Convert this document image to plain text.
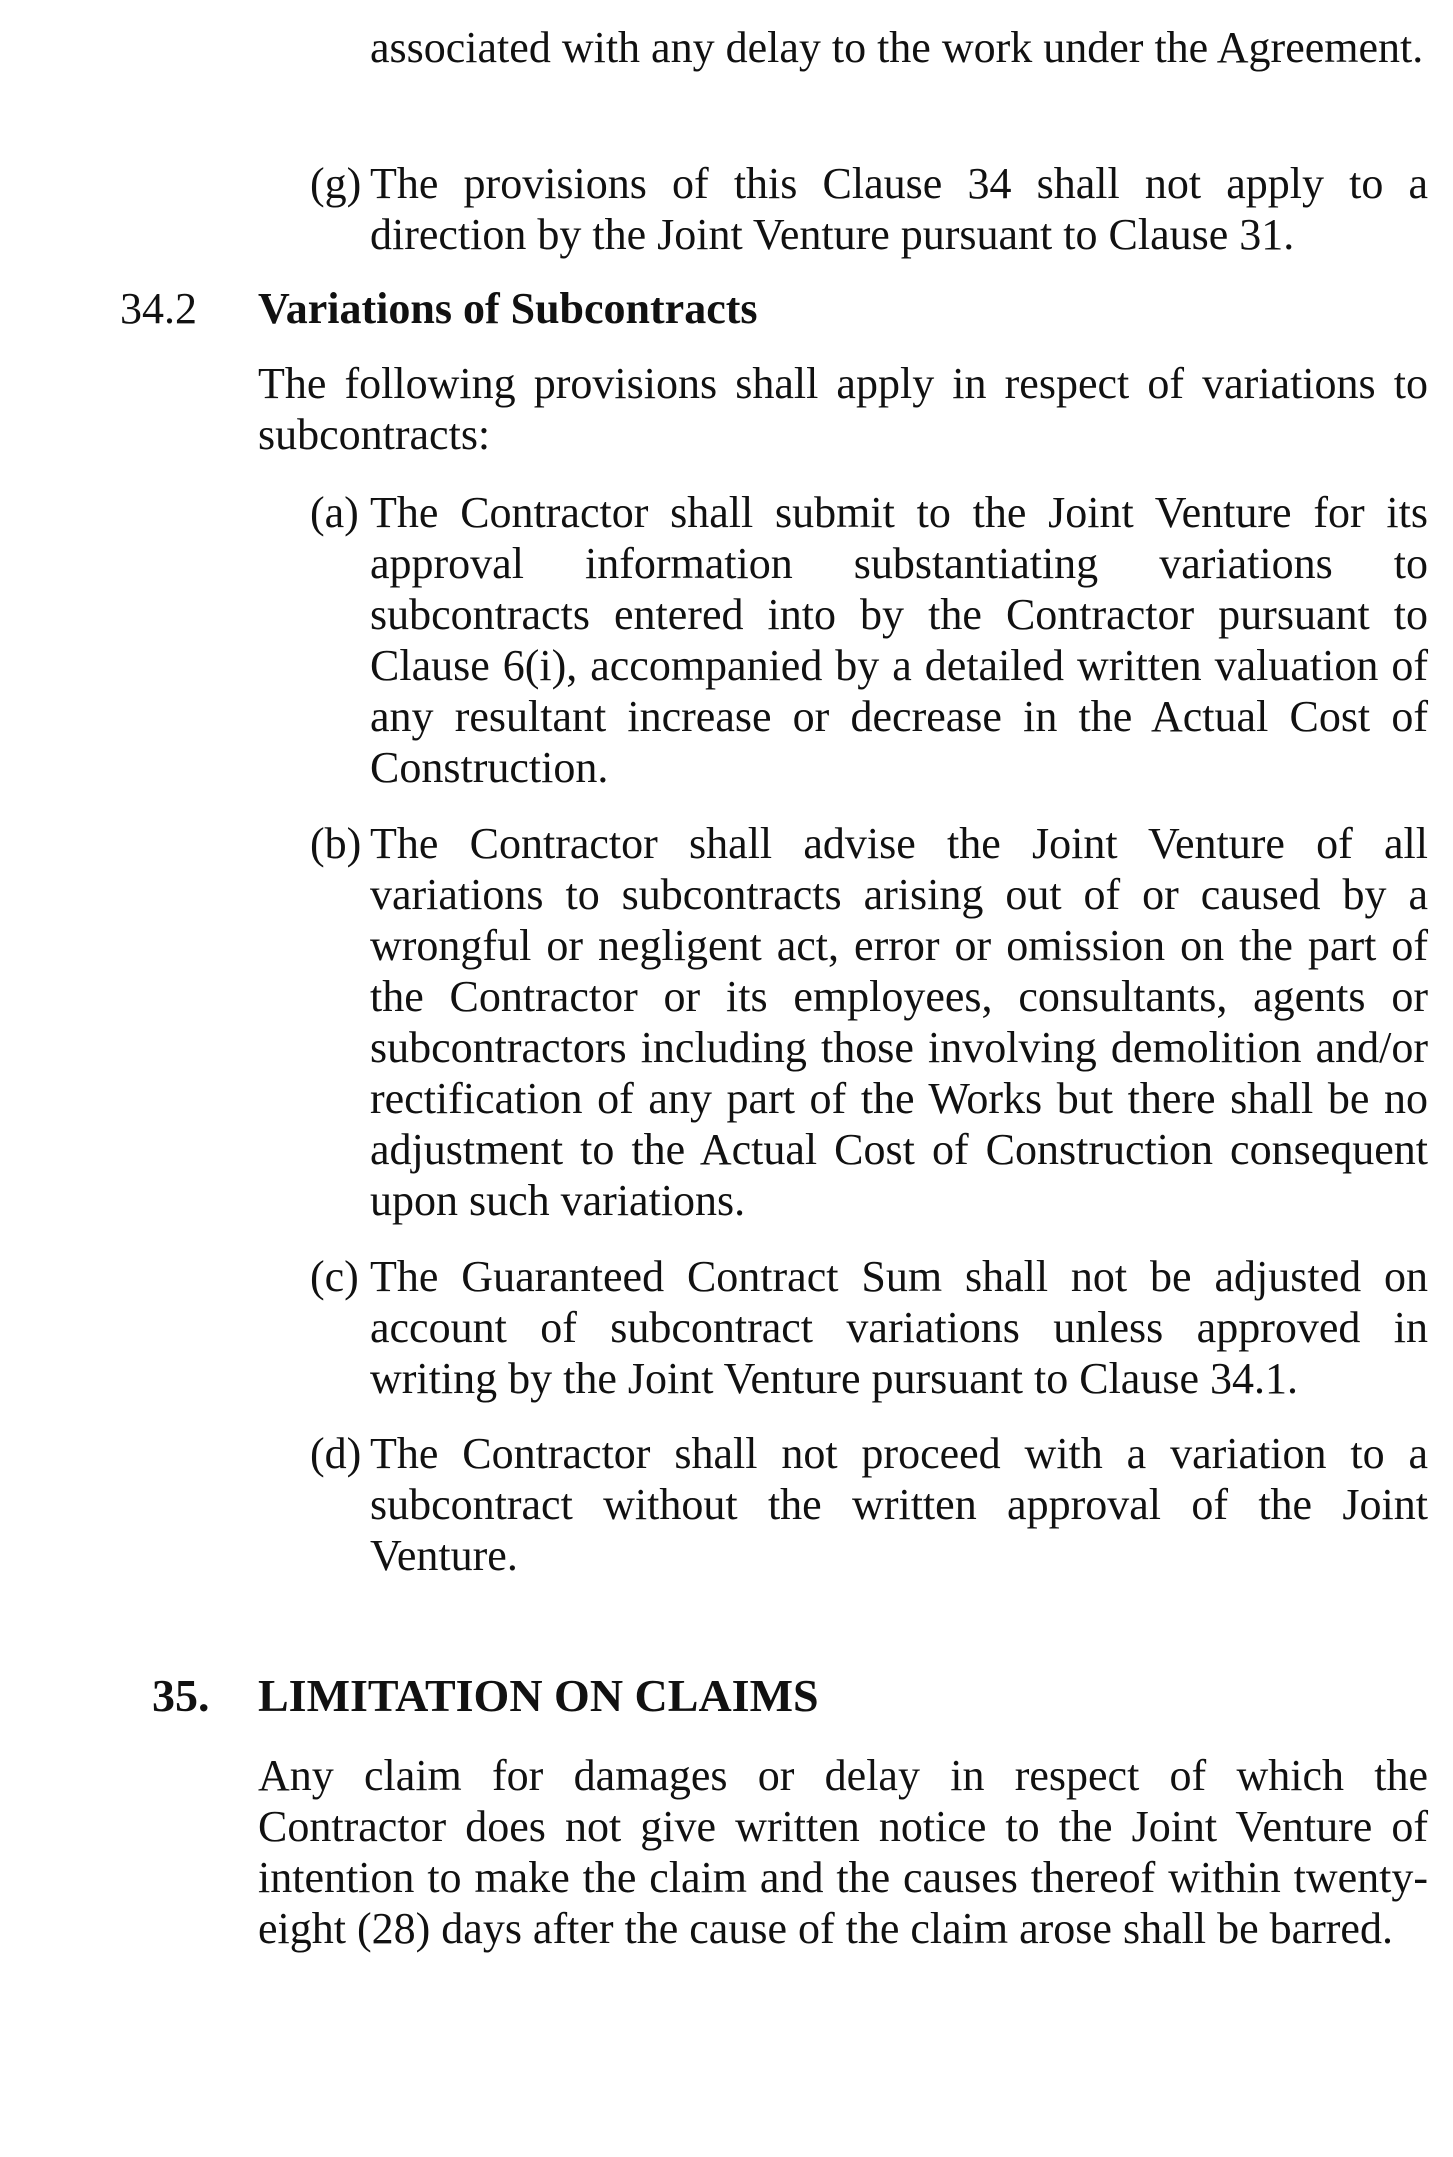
associated with any delay to the work under the Agreement.
(g) The provisions of this Clause 34 shall not apply to a direction by the Joint Venture pursuant to Clause 31.
34.2 Variations of Subcontracts
The following provisions shall apply in respect of variations to subcontracts:
(a) The Contractor shall submit to the Joint Venture for its approval information substantiating variations to subcontracts entered into by the Contractor pursuant to Clause 6(i), accompanied by a detailed written valuation of any resultant increase or decrease in the Actual Cost of Construction.
(b) The Contractor shall advise the Joint Venture of all variations to subcontracts arising out of or caused by a wrongful or negligent act, error or omission on the part of the Contractor or its employees, consultants, agents or subcontractors including those involving demolition and/or rectification of any part of the Works but there shall be no adjustment to the Actual Cost of Construction consequent upon such variations.
(c) The Guaranteed Contract Sum shall not be adjusted on account of subcontract variations unless approved in writing by the Joint Venture pursuant to Clause 34.1.
(d) The Contractor shall not proceed with a variation to a subcontract without the written approval of the Joint Venture.
35. LIMITATION ON CLAIMS
Any claim for damages or delay in respect of which the Contractor does not give written notice to the Joint Venture of intention to make the claim and the causes thereof within twenty-eight (28) days after the cause of the claim arose shall be barred.
